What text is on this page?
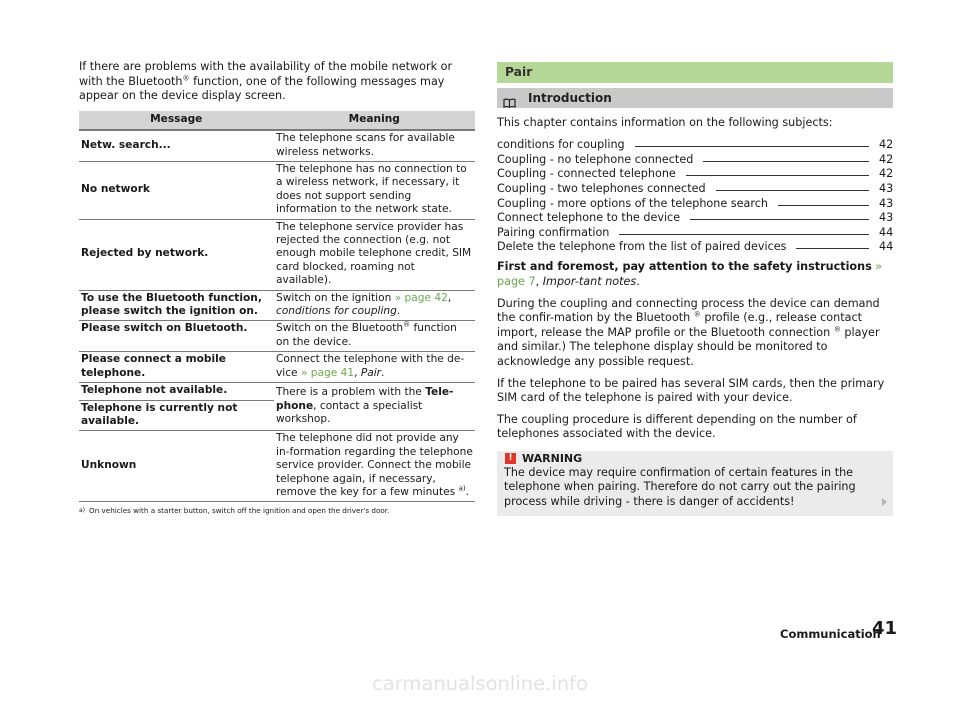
If there are problems with the availability of the mobile network or with the Bluetooth® function, one of the following messages may appear on the device display screen.

Message	Meaning
Netw. search...	The telephone scans for available wireless networks.
No network	The telephone has no connection to a wireless network, if necessary, it does not support sending information to the network state.
Rejected by network.	The telephone service provider has rejected the connection (e.g. not enough mobile telephone credit, SIM card blocked, roaming not available).
To use the Bluetooth function, please switch the ignition on.	Switch on the ignition » page 42, conditions for coupling.
Please switch on Bluetooth.	Switch on the Bluetooth® function on the device.
Please connect a mobile telephone.	Connect the telephone with the de-vice » page 41, Pair.
Telephone not available.	There is a problem with the Tele-phone, contact a specialist workshop.
Telephone is currently not available.	
Unknown	The telephone did not provide any in-formation regarding the telephone service provider. Connect the mobile telephone again, if necessary, remove the key for a few minutes $^{a)}$.
$^{a)}$ On vehicles with a starter button, switch off the ignition and open the driver's door.
Pair
Introduction

This chapter contains information on the following subjects:

conditions for coupling	42
Coupling - no telephone connected	42
Coupling - connected telephone	42
Coupling - two telephones connected	43
Coupling - more options of the telephone search	43
Connect telephone to the device	43
Pairing confirmation	44
Delete the telephone from the list of paired devices	44

First and foremost, pay attention to the safety instructions » page 7, Impor-tant notes.

During the coupling and connecting process the device can demand the confir-mation by the Bluetooth ® profile (e.g., release contact import, release the MAP profile or the Bluetooth connection ® player and similar.) The telephone display should be monitored to acknowledge any possible request.

If the telephone to be paired has several SIM cards, then the primary SIM card of the telephone is paired with your device.

The coupling procedure is different depending on the number of telephones associated with the device.

! WARNING
The device may require confirmation of certain features in the telephone when pairing. Therefore do not carry out the pairing process while driving - there is danger of accidents!
Communication
41
carmanualsonline.info
